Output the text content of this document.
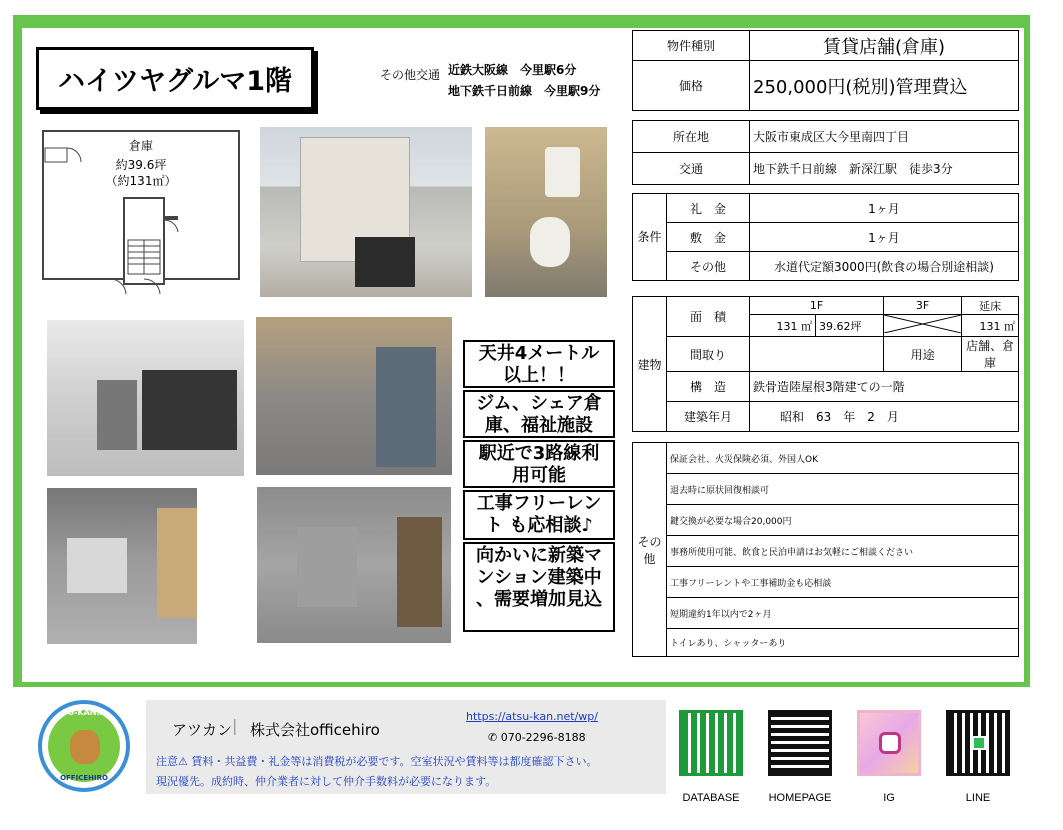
ハイツヤグルマ1階	その他交通 近鉄大阪線　今里駅6分
地下鉄千日前線　今里駅9分
倉庫
約39.6坪
（約131㎡）
天井4メートル
以上！！
ジム、シェア倉
庫、福祉施設
駅近で3路線利
用可能
工事フリーレン
ト も応相談♪
向かいに新築マ
ンション建築中
、需要増加見込
物件種別	賃貸店舗(倉庫)
価格	250,000円(税別)管理費込
所在地	大阪市東成区大今里南四丁目
交通	地下鉄千日前線　新深江駅　徒歩3分
条件	礼　金	1ヶ月
	敷　金	1ヶ月
	その他	水道代定額3000円(飲食の場合別途相談)
建物	面　積	1F		3F	延床
		131 ㎡	39.62坪		131 ㎡
	間取り			用途	店舗、倉庫
	構　造	鉄骨造陸屋根3階建ての一階			
	建築年月	昭和　63　年　2　月			
その他	保証会社、火災保険必須、外国人OK
退去時に原状回復相談可
鍵交換が必要な場合20,000円
事務所使用可能、飲食と民泊申請はお気軽にご相談ください
工事フリーレントや工事補助金も応相談
短期違約1年以内で2ヶ月
トイレあり、シャッターあり
ATSU-KAN.NET
OFFICEHIRO
アツカン | 株式会社officehiro
https://atsu-kan.net/wp/
✆ 070-2296-8188
注意⚠ 賃料・共益費・礼金等は消費税が必要です。空室状況や賃料等は都度確認下さい。
現況優先。成約時、仲介業者に対して仲介手数料が必要になります。
DATABASE	HOMEPAGE	IG	LINE
